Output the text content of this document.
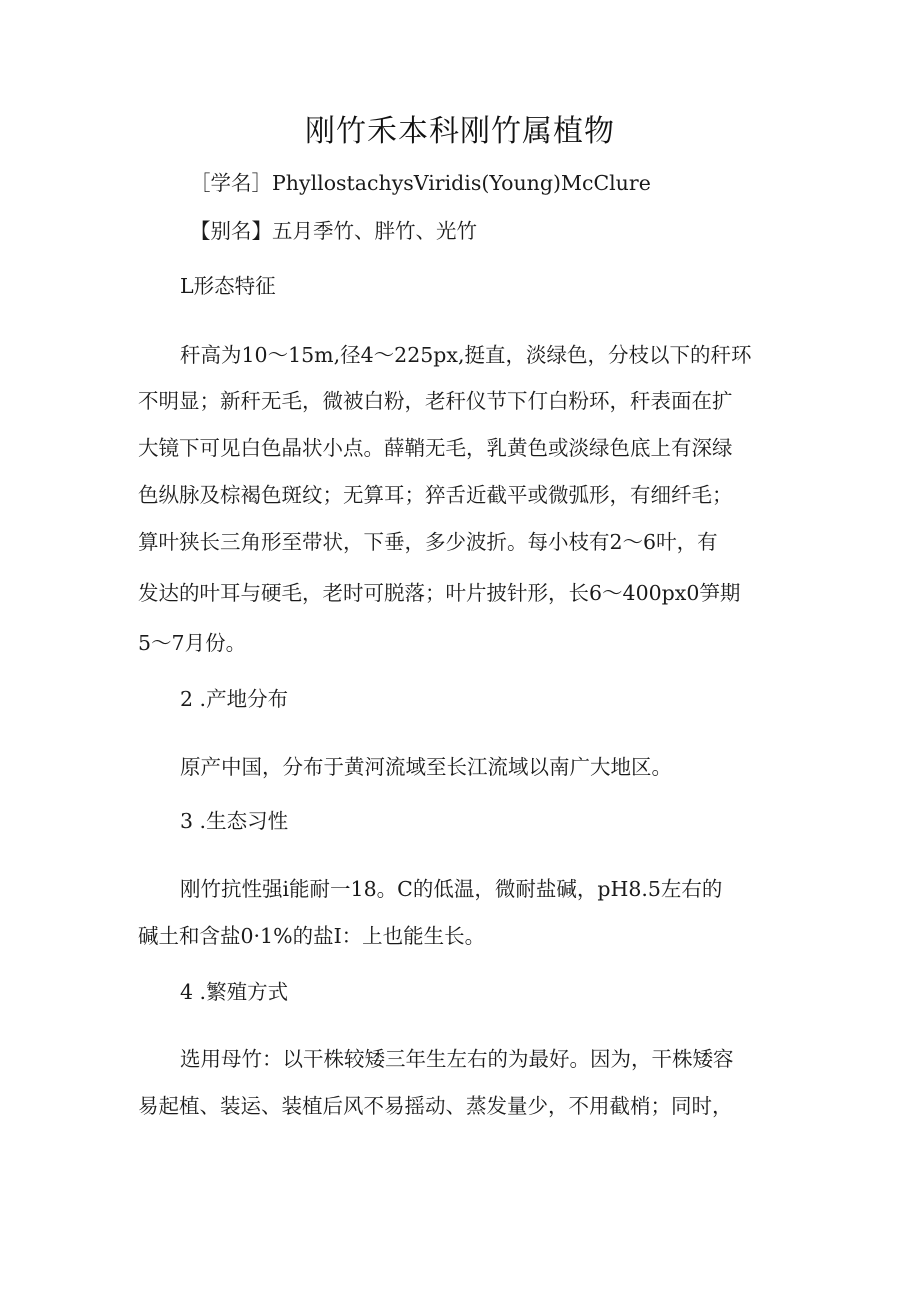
刚竹禾本科刚竹属植物
［学名］PhyllostachysViridis(Young)McClure
【别名】五月季竹、胖竹、光竹
L形态特征
秆高为10～15m,径4～225px,挺直，淡绿色，分枝以下的秆环
不明显；新秆无毛，微被白粉，老秆仪节下仃白粉环，秆表面在扩
大镜下可见白色晶状小点。薛鞘无毛，乳黄色或淡绿色底上有深绿
色纵脉及棕褐色斑纹；无算耳；猝舌近截平或微弧形，有细纤毛；
算叶狭长三角形至带状，下垂，多少波折。每小枝有2～6叶，有
发达的叶耳与硬毛，老时可脱落；叶片披针形，长6～400px0笋期
5～7月份。
2 .产地分布
原产中国，分布于黄河流域至长江流域以南广大地区。
3 .生态习性
刚竹抗性强i能耐一18。C的低温，微耐盐碱，pH8.5左右的
碱土和含盐0·1%的盐I：上也能生长。
4 .繁殖方式
选用母竹：以干株较矮三年生左右的为最好。因为，干株矮容
易起植、装运、装植后风不易摇动、蒸发量少，不用截梢；同时，
